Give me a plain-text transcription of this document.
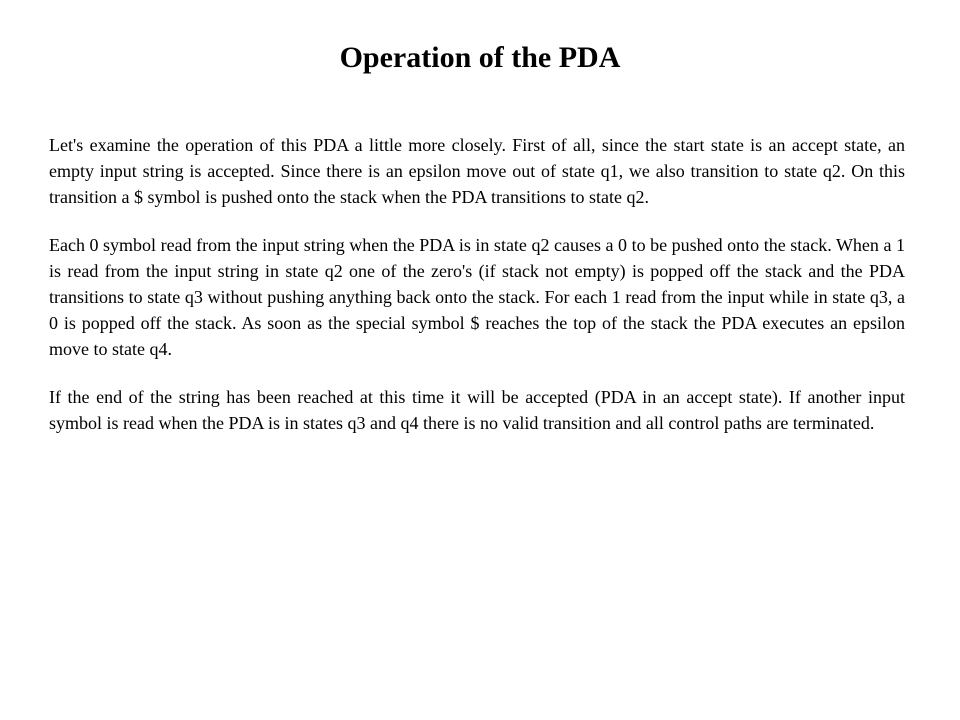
Operation of the PDA

Let's examine the operation of this PDA a little more closely. First of all, since the start state is an accept state, an empty input string is accepted. Since there is an epsilon move out of state q1, we also transition to state q2. On this transition a $ symbol is pushed onto the stack when the PDA transitions to state q2.

Each 0 symbol read from the input string when the PDA is in state q2 causes a 0 to be pushed onto the stack. When a 1 is read from the input string in state q2 one of the zero's (if stack not empty) is popped off the stack and the PDA transitions to state q3 without pushing anything back onto the stack. For each 1 read from the input while in state q3, a 0 is popped off the stack. As soon as the special symbol $ reaches the top of the stack the PDA executes an epsilon move to state q4.

If the end of the string has been reached at this time it will be accepted (PDA in an accept state). If another input symbol is read when the PDA is in states q3 and q4 there is no valid transition and all control paths are terminated.
